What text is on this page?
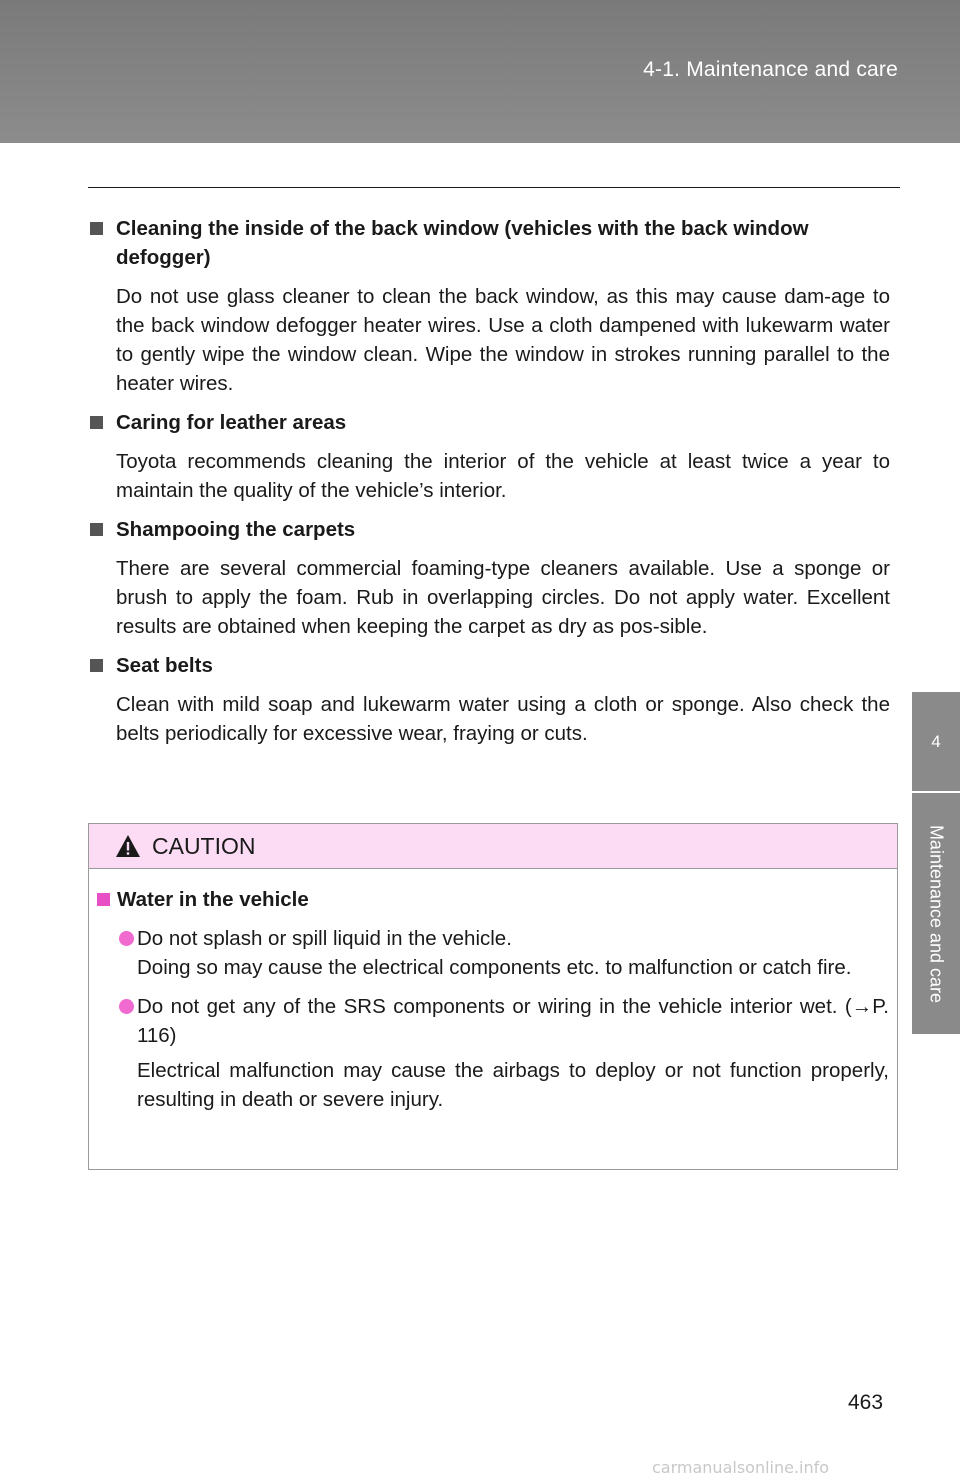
4-1. Maintenance and care
4
Maintenance and care

Cleaning the inside of the back window (vehicles with the back window defogger)

Do not use glass cleaner to clean the back window, as this may cause dam-age to the back window defogger heater wires. Use a cloth dampened with lukewarm water to gently wipe the window clean. Wipe the window in strokes running parallel to the heater wires.

Caring for leather areas

Toyota recommends cleaning the interior of the vehicle at least twice a year to maintain the quality of the vehicle’s interior.

Shampooing the carpets

There are several commercial foaming-type cleaners available. Use a sponge or brush to apply the foam. Rub in overlapping circles. Do not apply water. Excellent results are obtained when keeping the carpet as dry as pos-sible.

Seat belts

Clean with mild soap and lukewarm water using a cloth or sponge. Also check the belts periodically for excessive wear, fraying or cuts.

CAUTION

Water in the vehicle

Do not splash or spill liquid in the vehicle.
Doing so may cause the electrical components etc. to malfunction or catch fire.

Do not get any of the SRS components or wiring in the vehicle interior wet. (→P. 116)

Electrical malfunction may cause the airbags to deploy or not function properly, resulting in death or severe injury.

463
carmanualsonline.info
